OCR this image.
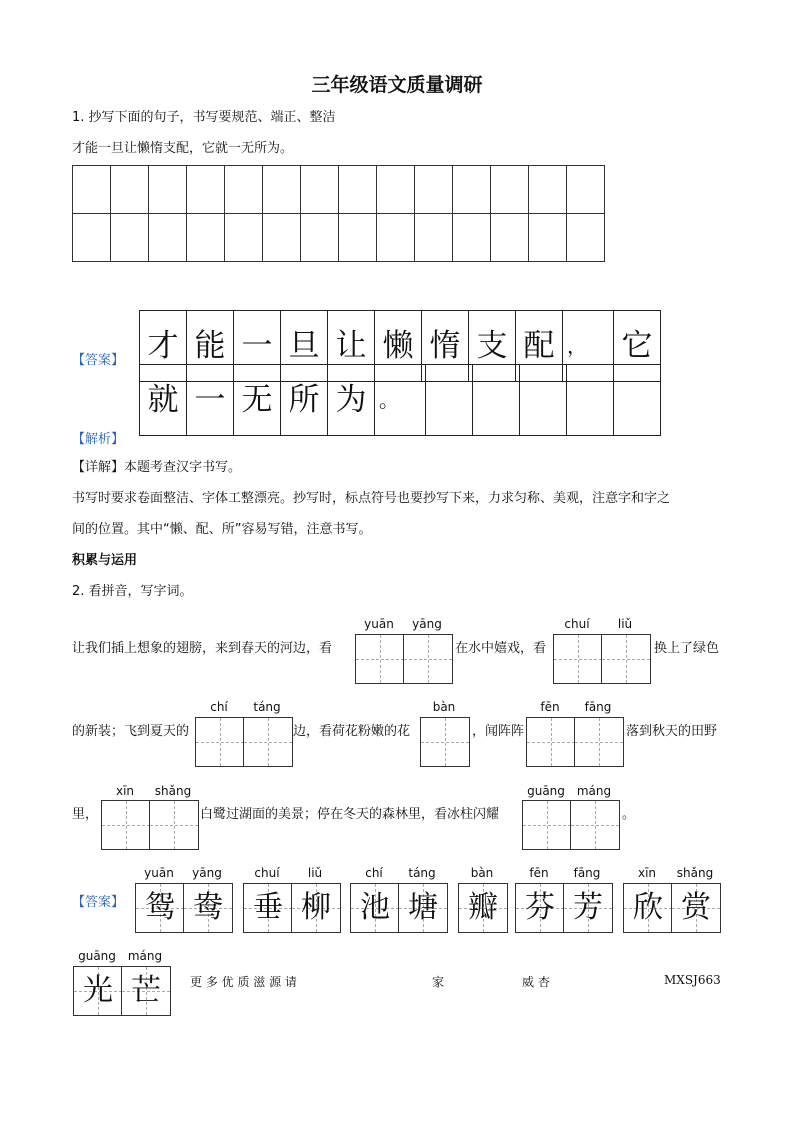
三年级语文质量调研
1. 抄写下面的句子，书写要规范、端正、整洁
才能一旦让懒惰支配，它就一无所为。

【答案】 才	能	一	旦	让	懒	惰	支	配	，	它
就	一	无	所	为	。					
【解析】
【详解】本题考查汉字书写。
书写时要求卷面整洁、字体工整漂亮。抄写时，标点符号也要抄写下来，力求匀称、美观，注意字和字之
间的位置。其中“懒、配、所”容易写错，注意书写。
积累与运用
2. 看拼音，写字词。
让我们插上想象的翅膀，来到春天的河边，看
yuān	yāng
在水中嬉戏，看
chuí	liǔ
换上了绿色
的新装；飞到夏天的
chí	táng
边，看荷花粉嫩的花
bàn
，闻阵阵
fēn	fāng
落到秋天的田野
里，
xīn	shǎng
白鹭过湖面的美景；停在冬天的森林里，看冰柱闪耀
guāng máng
。
【答案】
yuān	yāng
鸳 鸯
chuí	liǔ
垂 柳
chí	táng
池 塘
bàn
瓣
fēn	fāng
芬 芳
xīn	shǎng
欣 赏
guāng máng
光 芒	更 多 优 质 滋 源 请	家	威 杏	MXSJ663
